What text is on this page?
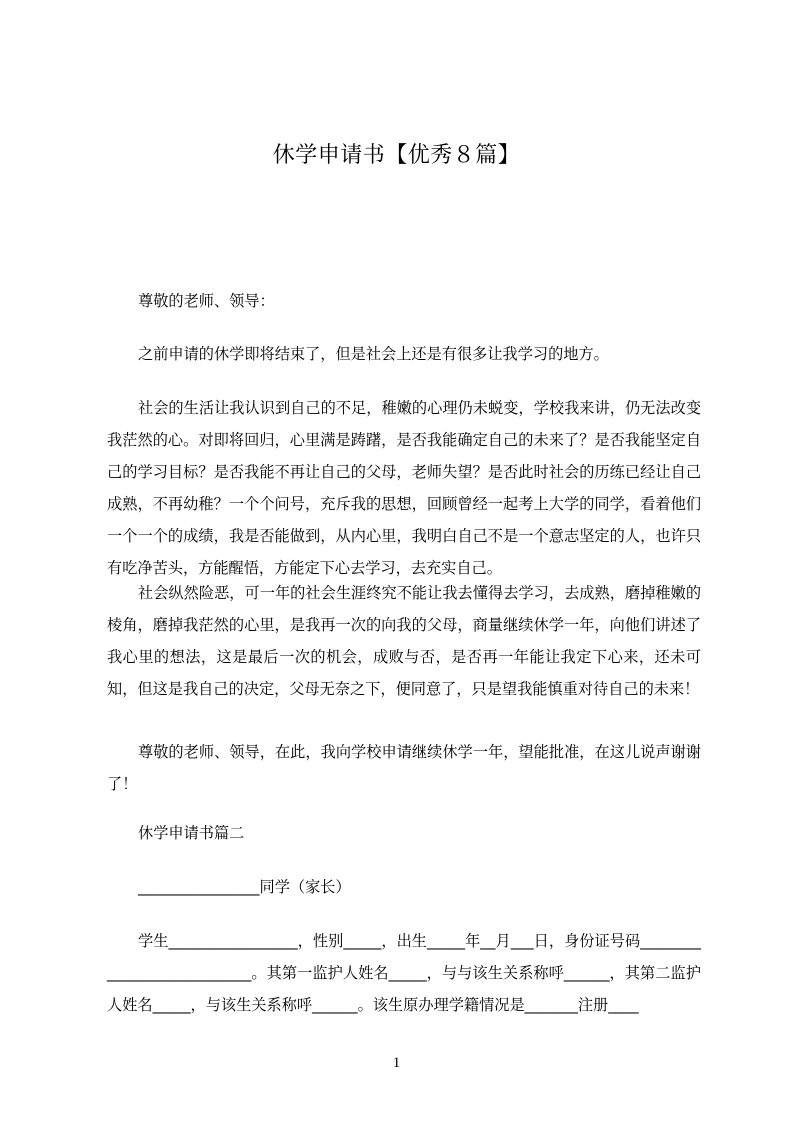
休学申请书【优秀８篇】

尊敬的老师、领导：

之前申请的休学即将结束了，但是社会上还是有很多让我学习的地方。

社会的生活让我认识到自己的不足，稚嫩的心理仍未蜕变，学校我来讲，仍无法改变我茫然的心。对即将回归，心里满是踌躇，是否我能确定自己的未来了？是否我能坚定自己的学习目标？是否我能不再让自己的父母，老师失望？是否此时社会的历练已经让自己成熟，不再幼稚？一个个问号，充斥我的思想，回顾曾经一起考上大学的同学，看着他们一个一个的成绩，我是否能做到，从内心里，我明白自己不是一个意志坚定的人，也许只有吃净苦头，方能醒悟，方能定下心去学习，去充实自己。

社会纵然险恶，可一年的社会生涯终究不能让我去懂得去学习，去成熟，磨掉稚嫩的棱角，磨掉我茫然的心里，是我再一次的向我的父母，商量继续休学一年，向他们讲述了我心里的想法，这是最后一次的机会，成败与否，是否再一年能让我定下心来，还未可知，但这是我自己的决定，父母无奈之下，便同意了，只是望我能慎重对待自己的未来！

尊敬的老师、领导，在此，我向学校申请继续休学一年，望能批准，在这儿说声谢谢了！

休学申请书篇二

________________同学（家长）

学生_________________，性别_____，出生_____年__月___日，身份证号码___________________________。其第一监护人姓名_____，与与该生关系称呼______，其第二监护人姓名_____，与该生关系称呼______。该生原办理学籍情况是_______注册____

1
